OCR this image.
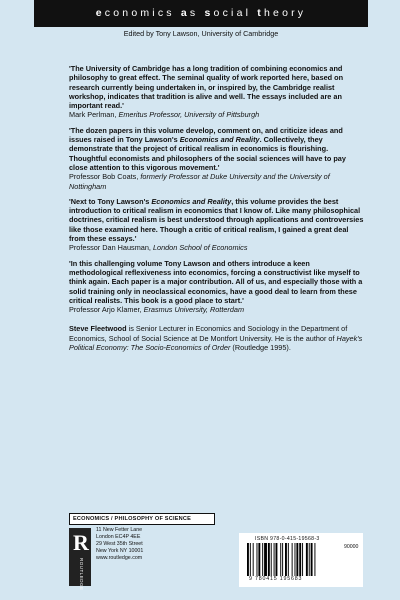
economics as social theory
Edited by Tony Lawson, University of Cambridge
'The University of Cambridge has a long tradition of combining economics and philosophy to great effect. The seminal quality of work reported here, based on research currently being undertaken in, or inspired by, the Cambridge realist workshop, indicates that tradition is alive and well. The essays included are an important read.'
Mark Perlman, Emeritus Professor, University of Pittsburgh
'The dozen papers in this volume develop, comment on, and criticize ideas and issues raised in Tony Lawson's Economics and Reality. Collectively, they demonstrate that the project of critical realism in economics is flourishing. Thoughtful economists and philosophers of the social sciences will have to pay close attention to this vigorous movement.'
Professor Bob Coats, formerly Professor at Duke University and the University of Nottingham
'Next to Tony Lawson's Economics and Reality, this volume provides the best introduction to critical realism in economics that I know of. Like many philosophical doctrines, critical realism is best understood through applications and controversies like those examined here. Though a critic of critical realism, I gained a great deal from these essays.'
Professor Dan Hausman, London School of Economics
'In this challenging volume Tony Lawson and others introduce a keen methodological reflexiveness into economics, forcing a constructivist like myself to think again. Each paper is a major contribution. All of us, and especially those with a solid training only in neoclassical economics, have a good deal to learn from these critical realists. This book is a good place to start.'
Professor Arjo Klamer, Erasmus University, Rotterdam
Steve Fleetwood is Senior Lecturer in Economics and Sociology in the Department of Economics, School of Social Science at De Montfort University. He is the author of Hayek's Political Economy: The Socio-Economics of Order (Routledge 1995).
ECONOMICS / PHILOSOPHY OF SCIENCE
R
ROUTLEDGE
11 New Fetter Lane
London EC4P 4EE
29 West 35th Street
New York NY 10001
www.routledge.com
ISBN 978-0-415-19568-3
90000
9 780415 195683
